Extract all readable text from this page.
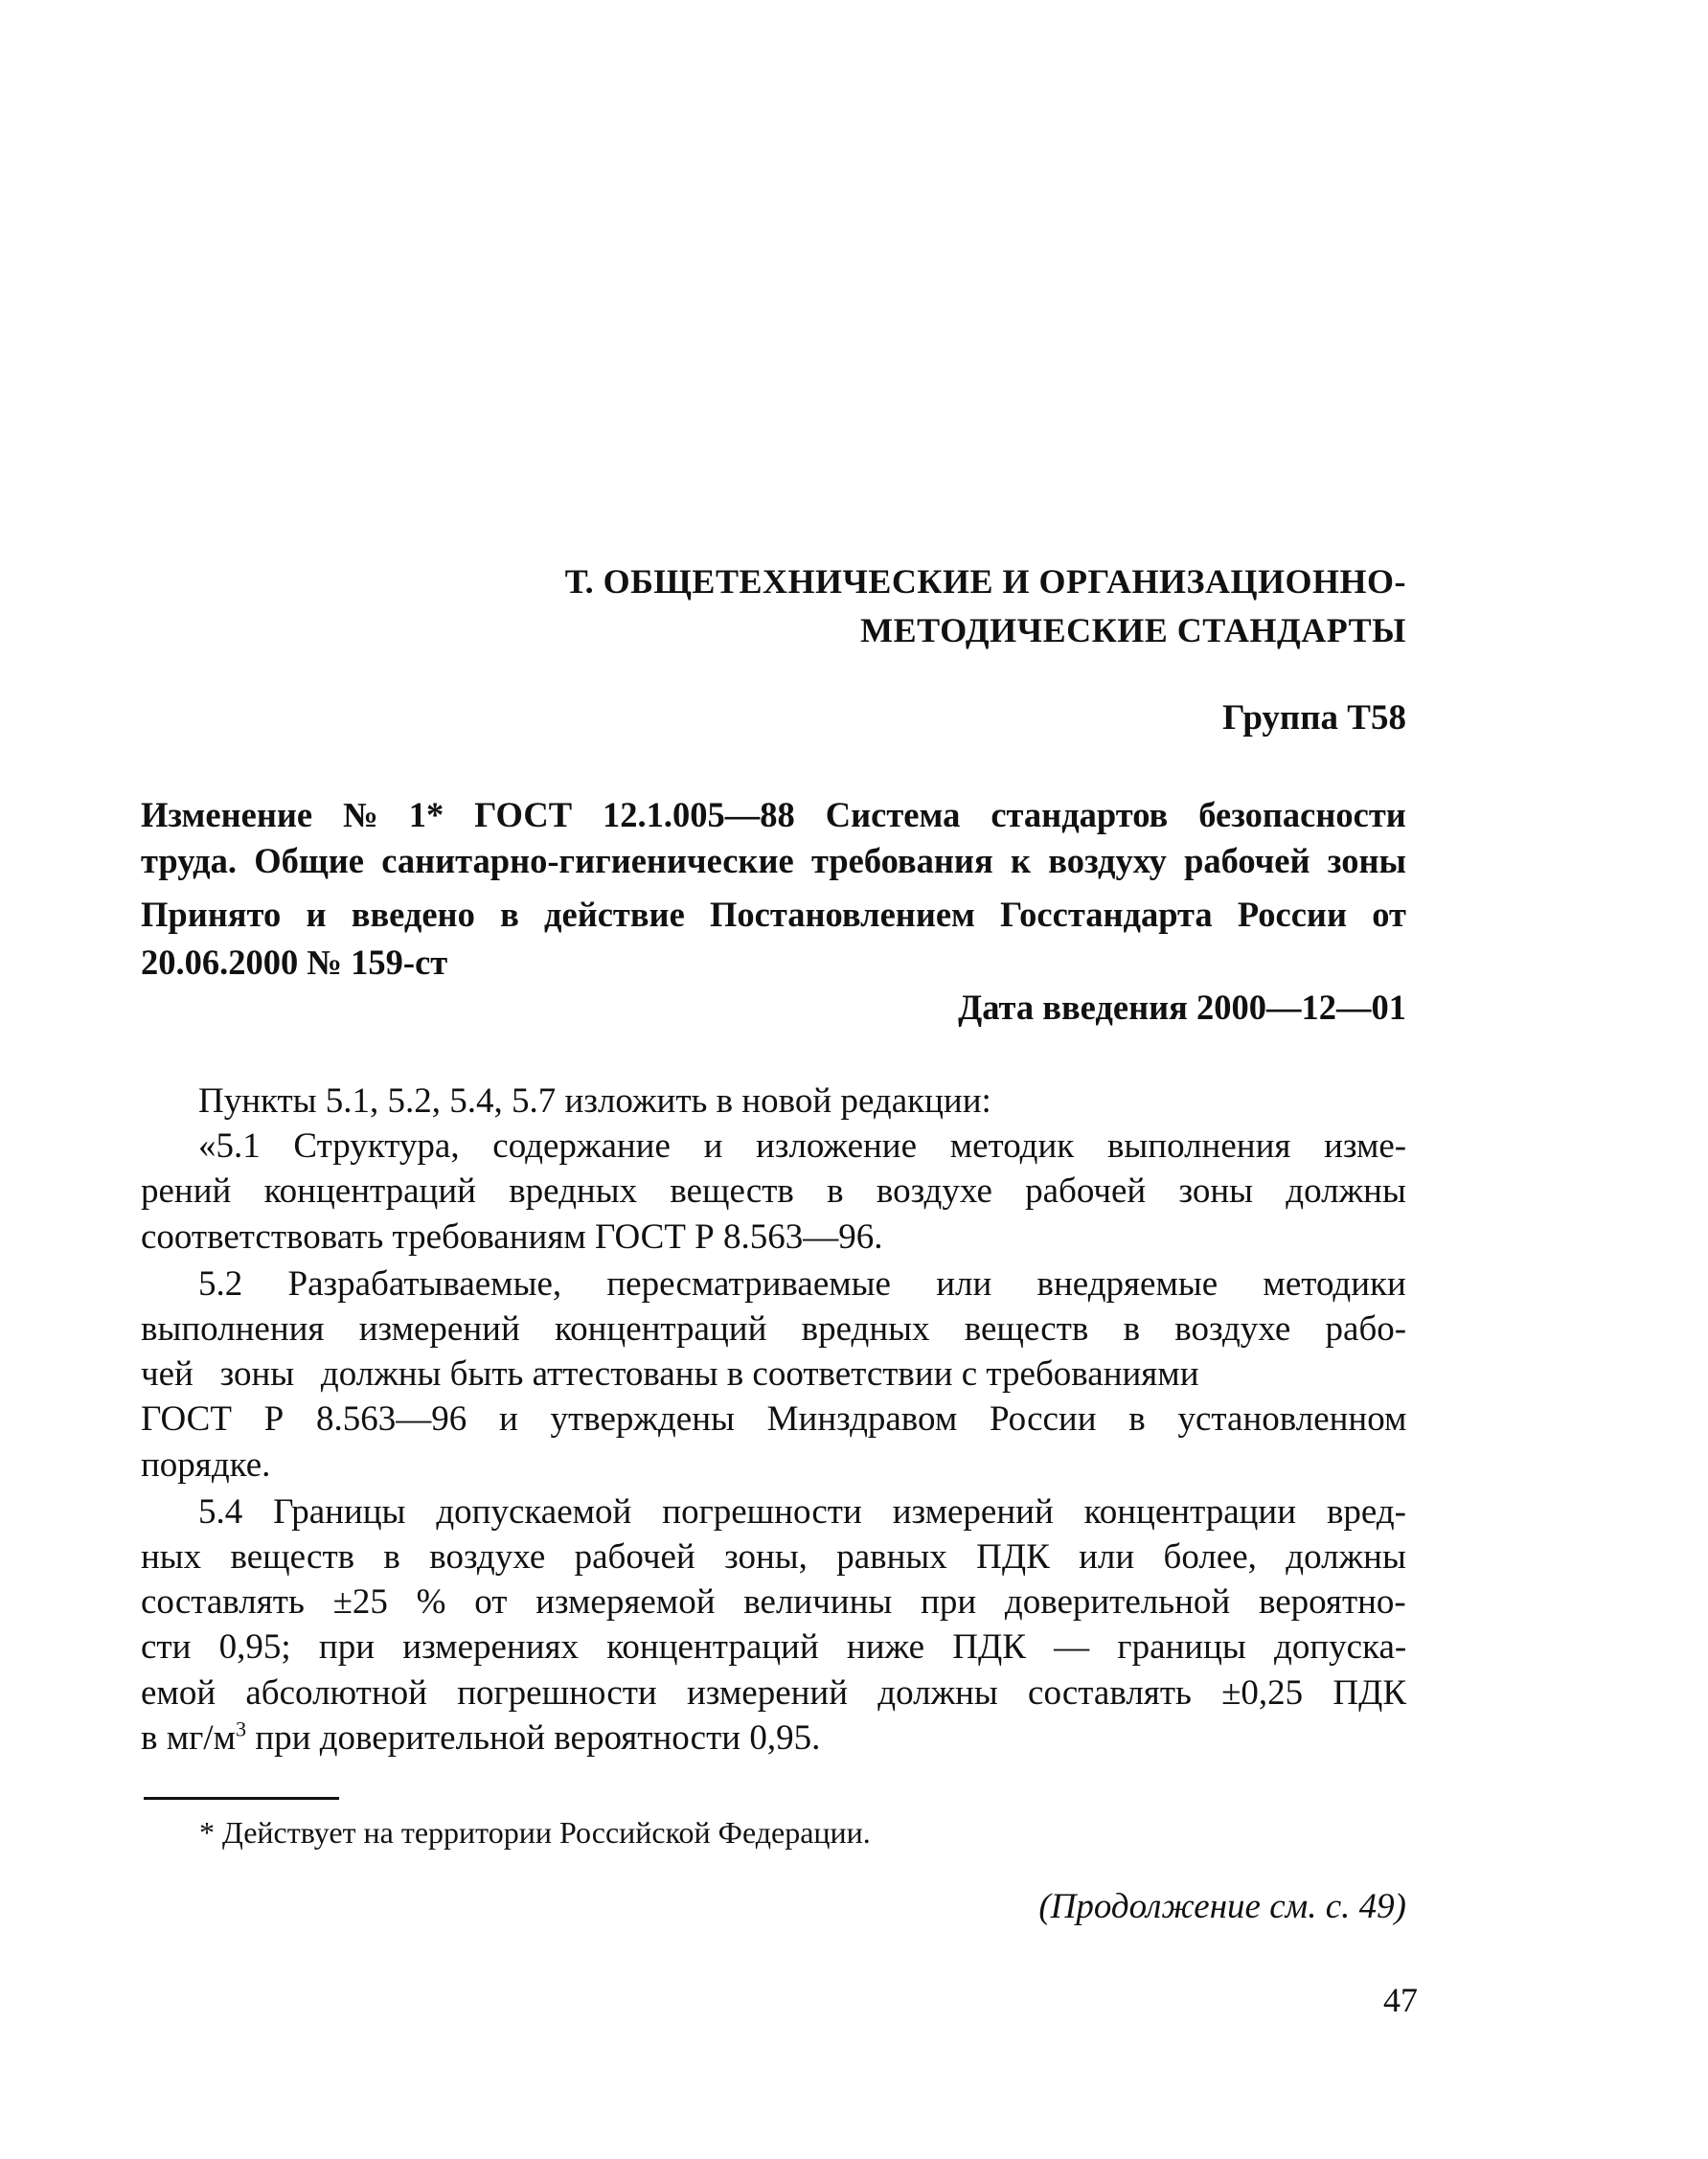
Т. ОБЩЕТЕХНИЧЕСКИЕ И ОРГАНИЗАЦИОННО-
МЕТОДИЧЕСКИЕ СТАНДАРТЫ
Группа Т58
Изменение № 1* ГОСТ 12.1.005—88 Система стандартов безопасности
труда. Общие санитарно-гигиенические требования к воздуху рабочей зоны
Принято и введено в действие Постановлением Госстандарта России от
20.06.2000 № 159-ст
Дата введения 2000—12—01
Пункты 5.1, 5.2, 5.4, 5.7 изложить в новой редакции:
«5.1 Структура, содержание и изложение методик выполнения изме-
рений концентраций вредных веществ в воздухе рабочей зоны должны
соответствовать требованиям ГОСТ Р 8.563—96.
5.2 Разрабатываемые, пересматриваемые или внедряемые методики
выполнения измерений концентраций вредных веществ в воздухе рабо-
чей   зоны   должны быть аттестованы в соответствии с требованиями
ГОСТ Р 8.563—96 и утверждены Минздравом России в установленном
порядке.
5.4 Границы допускаемой погрешности измерений концентрации вред-
ных веществ в воздухе рабочей зоны, равных ПДК или более, должны
составлять ±25 % от измеряемой величины при доверительной вероятно-
сти 0,95; при измерениях концентраций ниже ПДК — границы допуска-
емой абсолютной погрешности измерений должны составлять ±0,25 ПДК
в $мг/м^3$ при доверительной вероятности 0,95.
* Действует на территории Российской Федерации.
(Продолжение см. с. 49)
47
